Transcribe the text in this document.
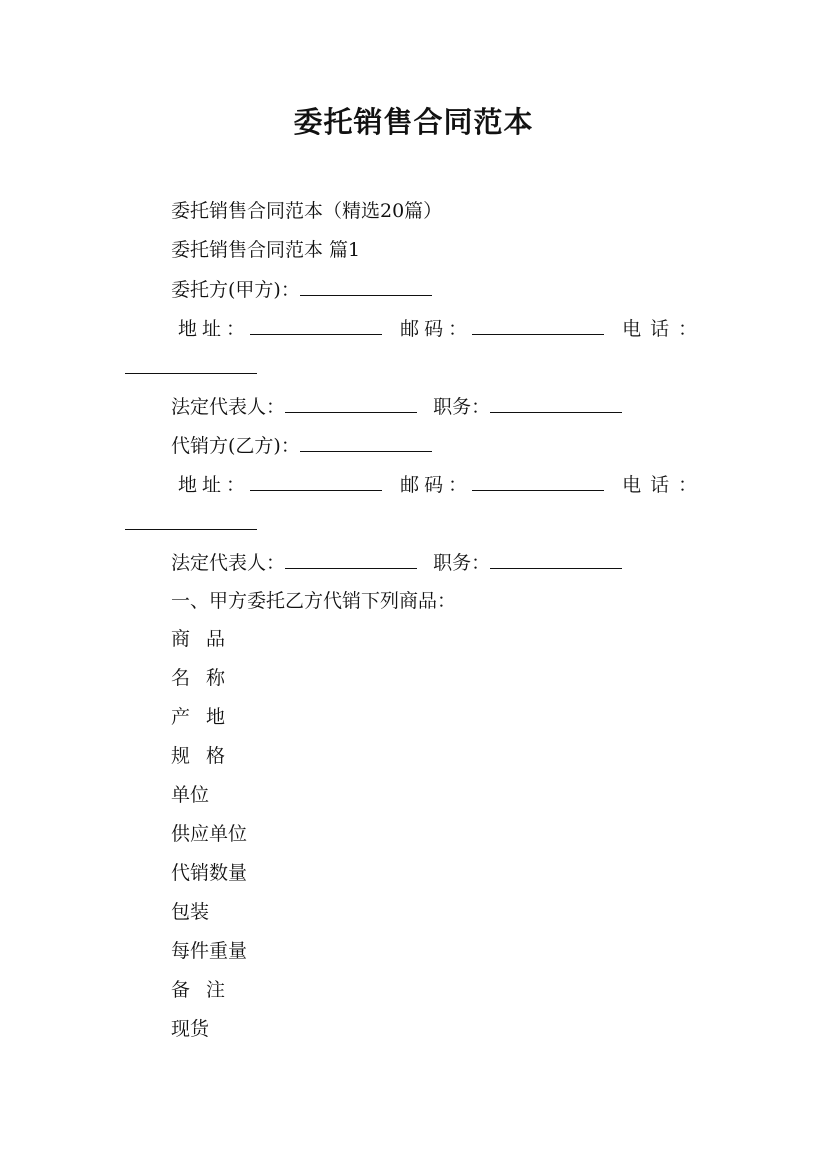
委托销售合同范本
委托销售合同范本（精选20篇）
委托销售合同范本 篇1
委托方(甲方)：
地址：	邮码：	电话：
法定代表人：	职务：
代销方(乙方)：
地址：	邮码：	电话：
法定代表人：	职务：
一、甲方委托乙方代销下列商品：
商 品
名 称
产 地
规 格
单位
供应单位
代销数量
包装
每件重量
备 注
现货
